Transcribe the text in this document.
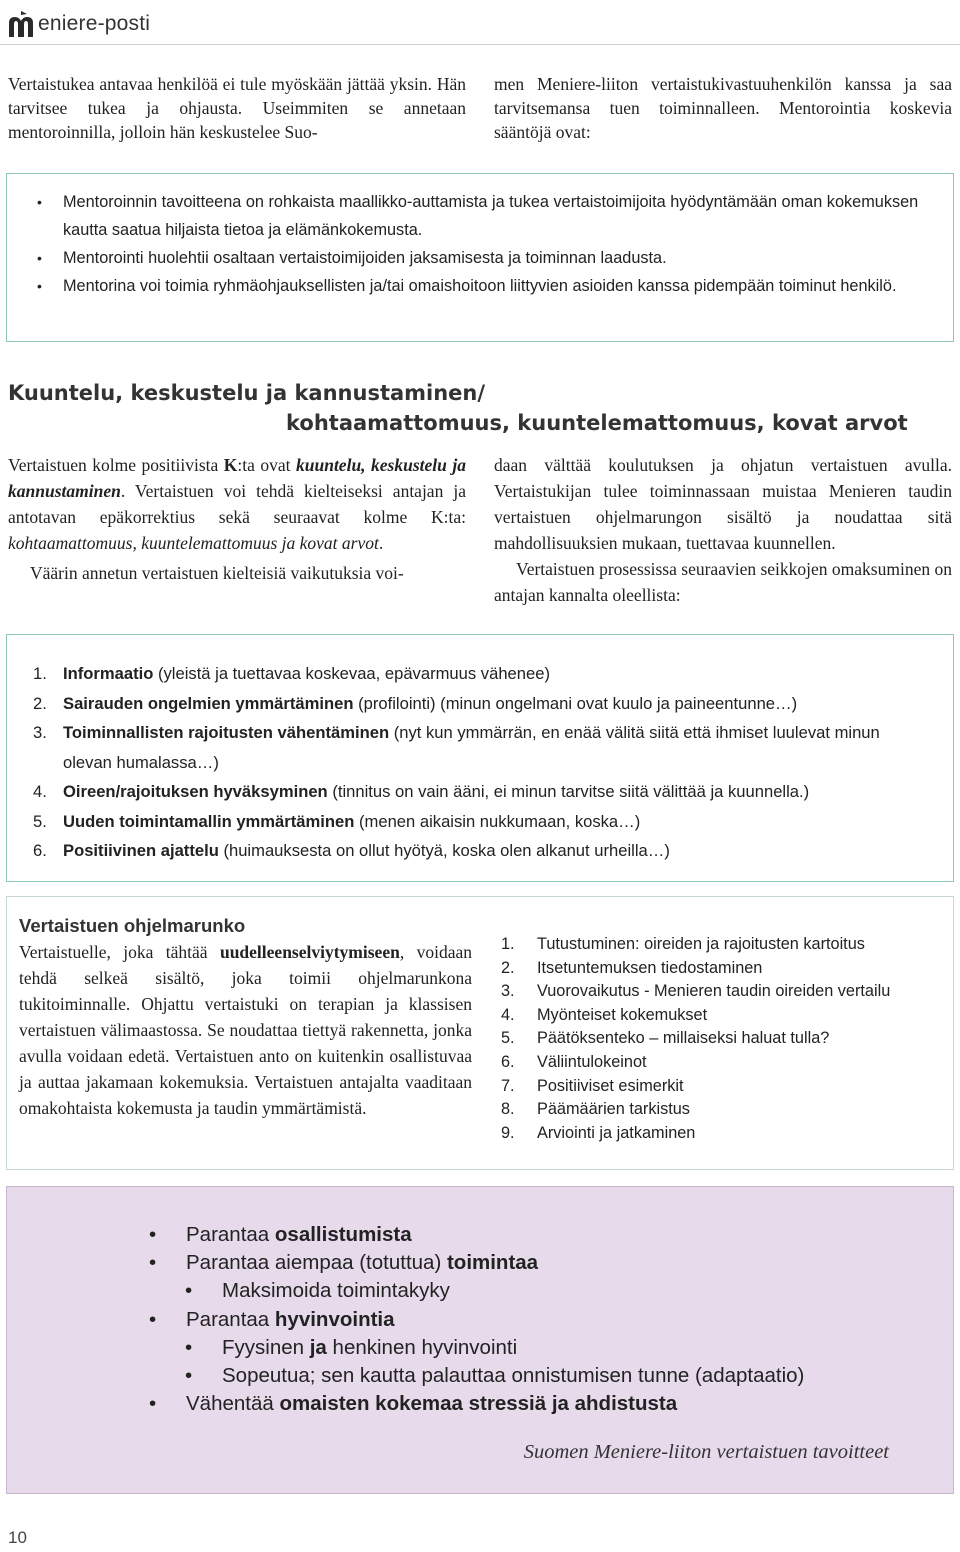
eniere-posti

Vertaistukea antavaa henkilöä ei tule myöskään jättää yksin. Hän tarvitsee tukea ja ohjausta. Useimmiten se annetaan mentoroinnilla, jolloin hän keskustelee Suo-

men Meniere-liiton vertaistukivastuuhenkilön kanssa ja saa tarvitsemansa tuen toiminnalleen. Mentorointia koskevia sääntöjä ovat:

• Mentoroinnin tavoitteena on rohkaista maallikko-auttamista ja tukea vertaistoimijoita hyödyntämään oman kokemuksen kautta saatua hiljaista tietoa ja elämänkokemusta.
• Mentorointi huolehtii osaltaan vertaistoimijoiden jaksamisesta ja toiminnan laadusta.
• Mentorina voi toimia ryhmäohjauksellisten ja/tai omaishoitoon liittyvien asioiden kanssa pidempään toiminut henkilö.
Kuuntelu, keskustelu ja kannustaminen/
kohtaamattomuus, kuuntelemattomuus, kovat arvot

Vertaistuen kolme positiivista K:ta ovat kuuntelu, keskustelu ja kannustaminen. Vertaistuen voi tehdä kielteiseksi antajan ja antotavan epäkorrektius sekä seuraavat kolme K:ta: kohtaamattomuus, kuuntelemattomuus ja kovat arvot.

Väärin annetun vertaistuen kielteisiä vaikutuksia voi-

daan välttää koulutuksen ja ohjatun vertaistuen avulla. Vertaistukijan tulee toiminnassaan muistaa Menieren taudin vertaistuen ohjelmarungon sisältö ja noudattaa sitä mahdollisuuksien mukaan, tuettavaa kuunnellen.

Vertaistuen prosessissa seuraavien seikkojen omaksuminen on antajan kannalta oleellista:

1. Informaatio (yleistä ja tuettavaa koskevaa, epävarmuus vähenee)
2. Sairauden ongelmien ymmärtäminen (profilointi) (minun ongelmani ovat kuulo ja paineentunne…)
3. Toiminnallisten rajoitusten vähentäminen (nyt kun ymmärrän, en enää välitä siitä että ihmiset luulevat minun olevan humalassa…)
4. Oireen/rajoituksen hyväksyminen (tinnitus on vain ääni, ei minun tarvitse siitä välittää ja kuunnella.)
5. Uuden toimintamallin ymmärtäminen (menen aikaisin nukkumaan, koska…)
6. Positiivinen ajattelu (huimauksesta on ollut hyötyä, koska olen alkanut urheilla…)
Vertaistuen ohjelmarunko

Vertaistuelle, joka tähtää uudelleenselviytymiseen, voidaan tehdä selkeä sisältö, joka toimii ohjelmarunkona tukitoiminnalle. Ohjattu vertaistuki on terapian ja klassisen vertaistuen välimaastossa. Se noudattaa tiettyä rakennetta, jonka avulla voidaan edetä. Vertaistuen anto on kuitenkin osallistuvaa ja auttaa jakamaan kokemuksia. Vertaistuen antajalta vaaditaan omakohtaista kokemusta ja taudin ymmärtämistä.

1. Tutustuminen: oireiden ja rajoitusten kartoitus
2. Itsetuntemuksen tiedostaminen
3. Vuorovaikutus - Menieren taudin oireiden vertailu
4. Myönteiset kokemukset
5. Päätöksenteko – millaiseksi haluat tulla?
6. Väliintulokeinot
7. Positiiviset esimerkit
8. Päämäärien tarkistus
9. Arviointi ja jatkaminen
• Parantaa osallistumista
• Parantaa aiempaa (totuttua) toimintaa
• Maksimoida toimintakyky
• Parantaa hyvinvointia
• Fyysinen ja henkinen hyvinvointi
• Sopeutua; sen kautta palauttaa onnistumisen tunne (adaptaatio)
• Vähentää omaisten kokemaa stressiä ja ahdistusta
Suomen Meniere-liiton vertaistuen tavoitteet
10
